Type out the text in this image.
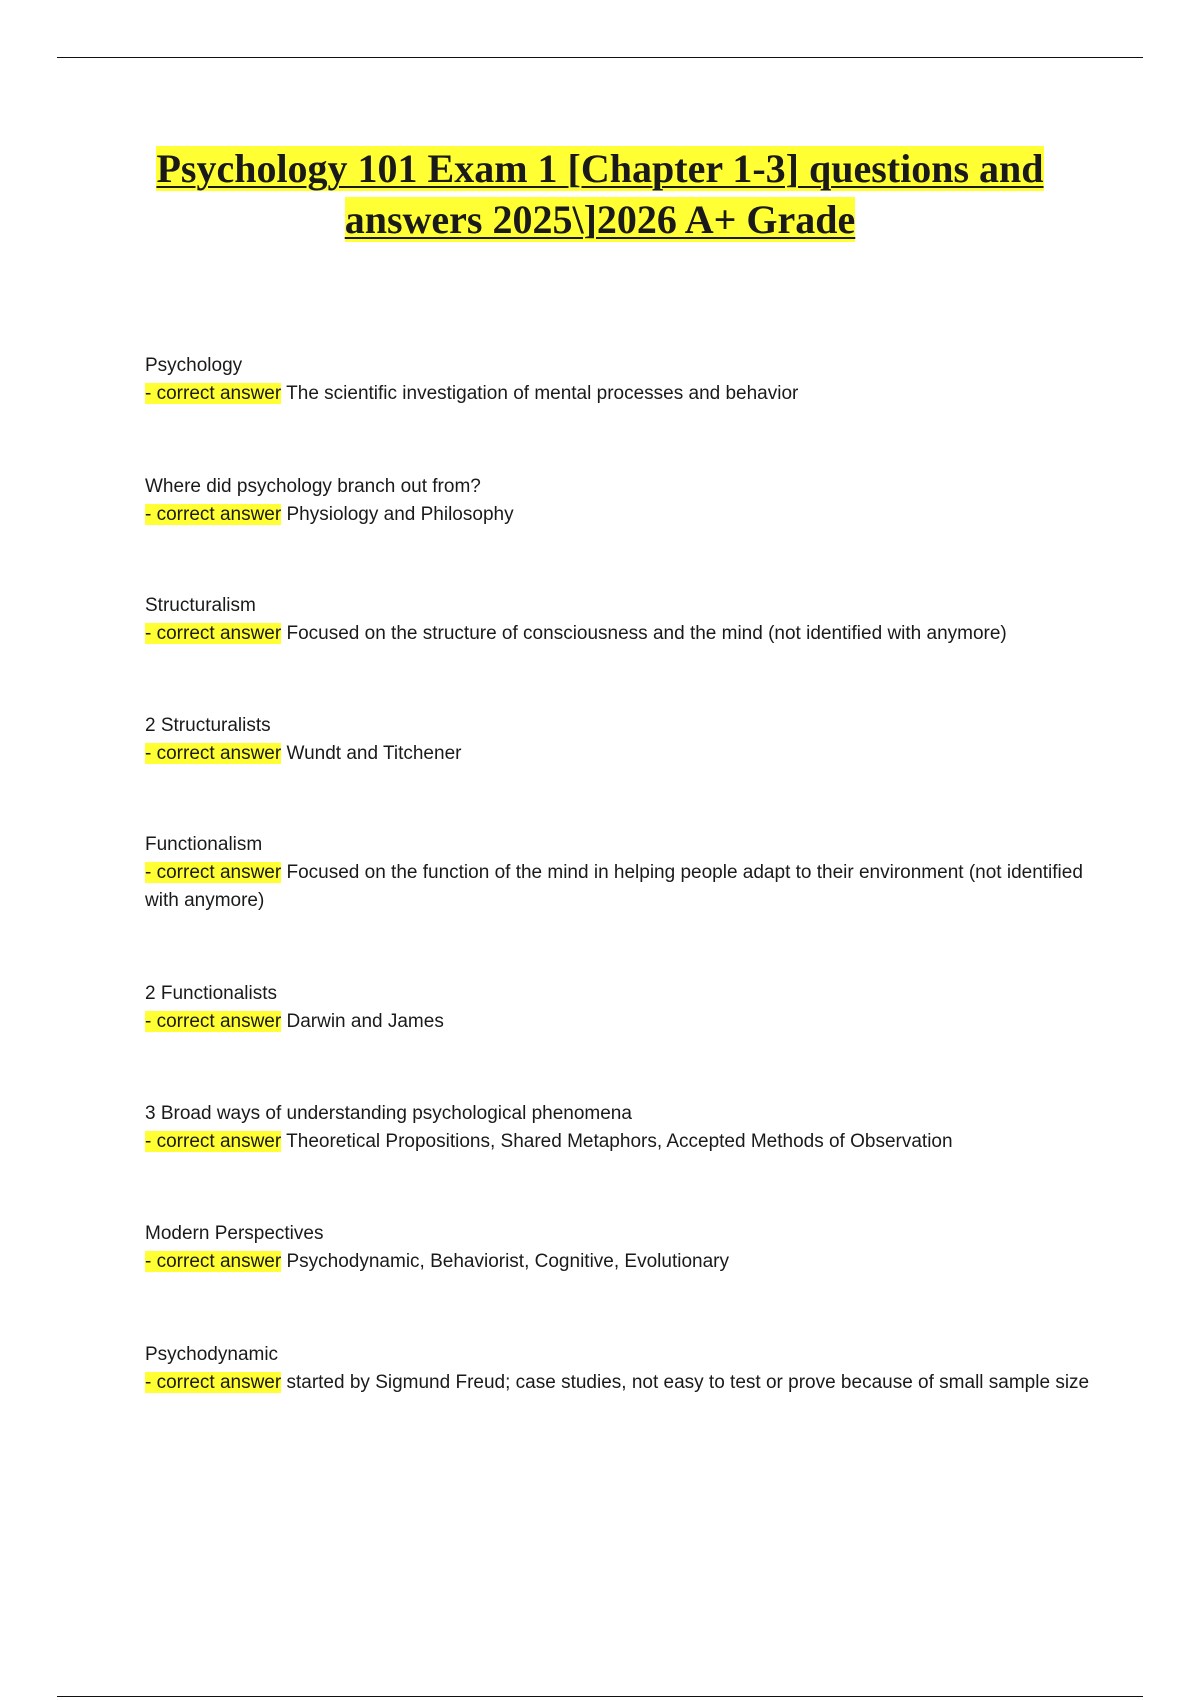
Psychology 101 Exam 1 [Chapter 1-3] questions and answers 2025\]2026 A+ Grade
Psychology
- correct answer The scientific investigation of mental processes and behavior
Where did psychology branch out from?
- correct answer Physiology and Philosophy
Structuralism
- correct answer Focused on the structure of consciousness and the mind (not identified with anymore)
2 Structuralists
- correct answer Wundt and Titchener
Functionalism
- correct answer Focused on the function of the mind in helping people adapt to their environment (not identified with anymore)
2 Functionalists
- correct answer Darwin and James
3 Broad ways of understanding psychological phenomena
- correct answer Theoretical Propositions, Shared Metaphors, Accepted Methods of Observation
Modern Perspectives
- correct answer Psychodynamic, Behaviorist, Cognitive, Evolutionary
Psychodynamic
- correct answer started by Sigmund Freud; case studies, not easy to test or prove because of small sample size
